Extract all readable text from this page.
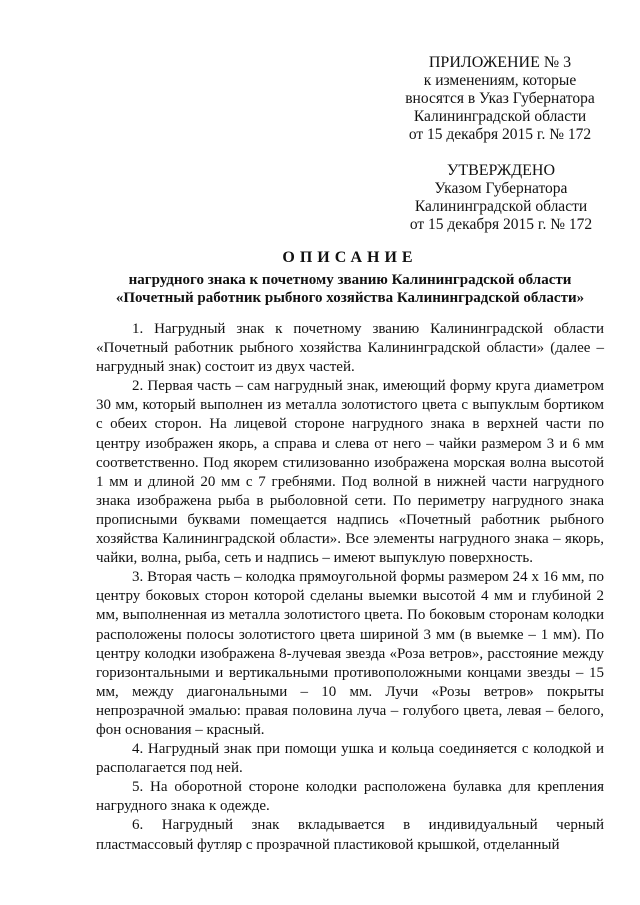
ПРИЛОЖЕНИЕ № 3
к изменениям, которые
вносятся в Указ Губернатора
Калининградской области
от 15 декабря 2015 г. № 172
УТВЕРЖДЕНО
Указом Губернатора
Калининградской области
от 15 декабря 2015 г. № 172
ОПИСАНИЕ
нагрудного знака к почетному званию Калининградской области
«Почетный работник рыбного хозяйства Калининградской области»

1. Нагрудный знак к почетному званию Калининградской области «Почетный работник рыбного хозяйства Калининградской области» (далее – нагрудный знак) состоит из двух частей.

2. Первая часть – сам нагрудный знак, имеющий форму круга диаметром 30 мм, который выполнен из металла золотистого цвета с выпуклым бортиком с обеих сторон. На лицевой стороне нагрудного знака в верхней части по центру изображен якорь, а справа и слева от него – чайки размером 3 и 6 мм соответственно. Под якорем стилизованно изображена морская волна высотой 1 мм и длиной 20 мм с 7 гребнями. Под волной в нижней части нагрудного знака изображена рыба в рыболовной сети. По периметру нагрудного знака прописными буквами помещается надпись «Почетный работник рыбного хозяйства Калининградской области». Все элементы нагрудного знака – якорь, чайки, волна, рыба, сеть и надпись – имеют выпуклую поверхность.

3. Вторая часть – колодка прямоугольной формы размером 24 х 16 мм, по центру боковых сторон которой сделаны выемки высотой 4 мм и глубиной 2 мм, выполненная из металла золотистого цвета. По боковым сторонам колодки расположены полосы золотистого цвета шириной 3 мм (в выемке – 1 мм). По центру колодки изображена 8-лучевая звезда «Роза ветров», расстояние между горизонтальными и вертикальными противоположными концами звезды – 15 мм, между диагональными – 10 мм. Лучи «Розы ветров» покрыты непрозрачной эмалью: правая половина луча – голубого цвета, левая – белого, фон основания – красный.

4. Нагрудный знак при помощи ушка и кольца соединяется с колодкой и располагается под ней.

5. На оборотной стороне колодки расположена булавка для крепления нагрудного знака к одежде.

6. Нагрудный знак вкладывается в индивидуальный черный пластмассовый футляр с прозрачной пластиковой крышкой, отделанный
